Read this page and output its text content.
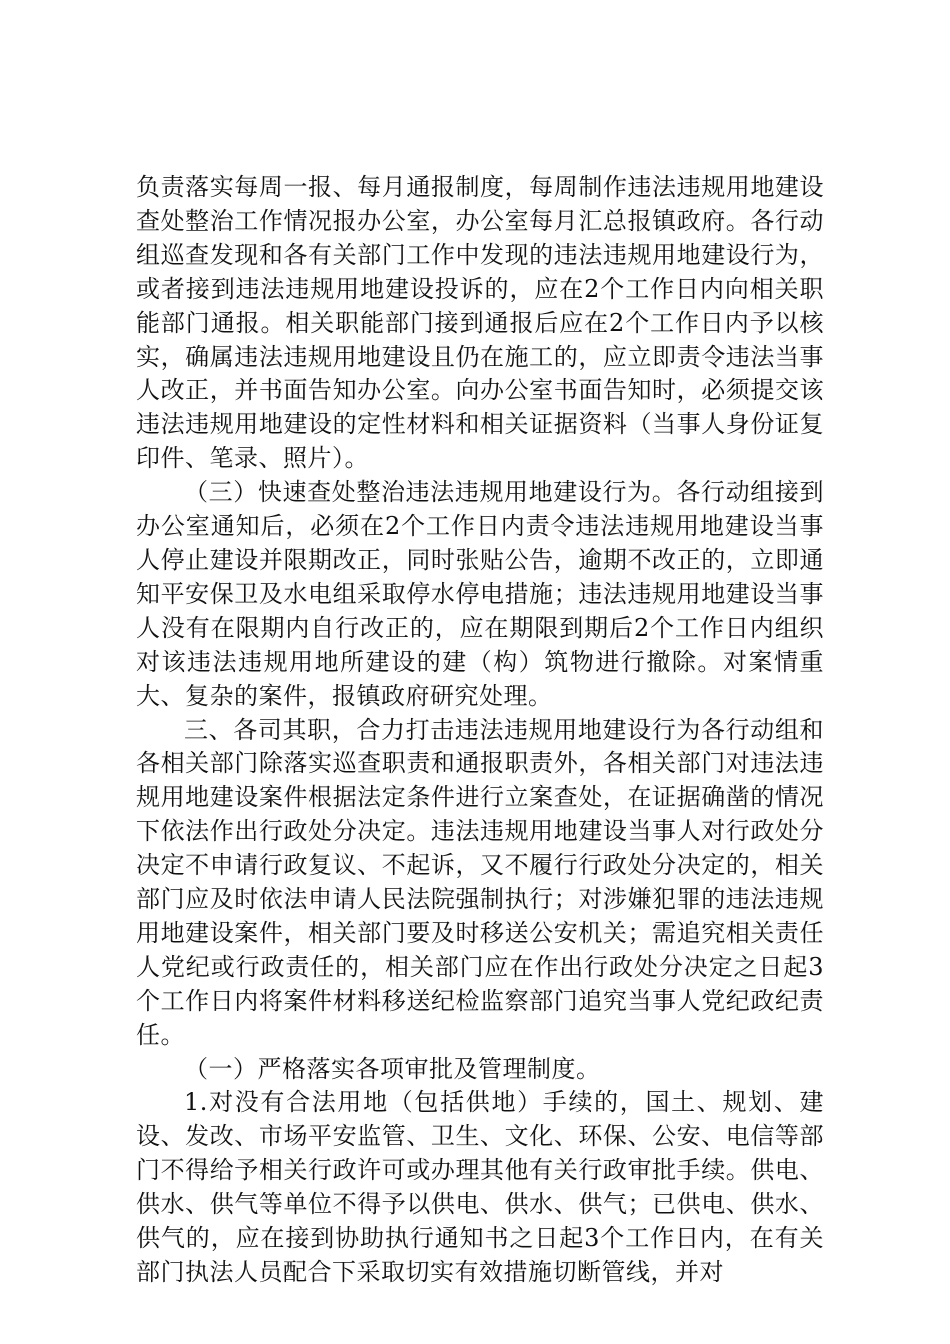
负责落实每周一报、每月通报制度，每周制作违法违规用地建设查处整治工作情况报办公室，办公室每月汇总报镇政府。各行动组巡查发现和各有关部门工作中发现的违法违规用地建设行为，或者接到违法违规用地建设投诉的，应在2个工作日内向相关职能部门通报。相关职能部门接到通报后应在2个工作日内予以核实，确属违法违规用地建设且仍在施工的，应立即责令违法当事人改正，并书面告知办公室。向办公室书面告知时，必须提交该违法违规用地建设的定性材料和相关证据资料（当事人身份证复印件、笔录、照片）。

（三）快速查处整治违法违规用地建设行为。各行动组接到办公室通知后，必须在2个工作日内责令违法违规用地建设当事人停止建设并限期改正，同时张贴公告，逾期不改正的，立即通知平安保卫及水电组采取停水停电措施；违法违规用地建设当事人没有在限期内自行改正的，应在期限到期后2个工作日内组织对该违法违规用地所建设的建（构）筑物进行撤除。对案情重大、复杂的案件，报镇政府研究处理。

三、各司其职，合力打击违法违规用地建设行为各行动组和各相关部门除落实巡查职责和通报职责外，各相关部门对违法违规用地建设案件根据法定条件进行立案查处，在证据确凿的情况下依法作出行政处分决定。违法违规用地建设当事人对行政处分决定不申请行政复议、不起诉，又不履行行政处分决定的，相关部门应及时依法申请人民法院强制执行；对涉嫌犯罪的违法违规用地建设案件，相关部门要及时移送公安机关；需追究相关责任人党纪或行政责任的，相关部门应在作出行政处分决定之日起3个工作日内将案件材料移送纪检监察部门追究当事人党纪政纪责任。

（一）严格落实各项审批及管理制度。

1.对没有合法用地（包括供地）手续的，国土、规划、建设、发改、市场平安监管、卫生、文化、环保、公安、电信等部门不得给予相关行政许可或办理其他有关行政审批手续。供电、供水、供气等单位不得予以供电、供水、供气；已供电、供水、供气的，应在接到协助执行通知书之日起3个工作日内，在有关部门执法人员配合下采取切实有效措施切断管线，并对
